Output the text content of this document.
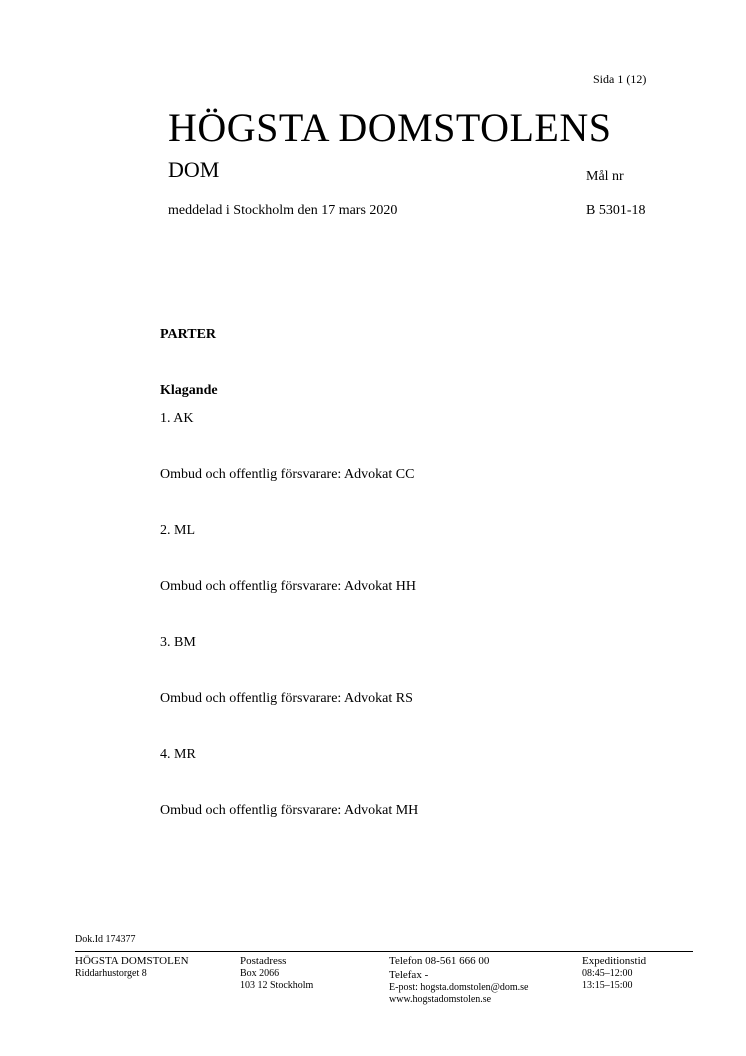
Sida 1 (12)
HÖGSTA DOMSTOLENS
DOM	Mål nr
meddelad i Stockholm den 17 mars 2020	B 5301-18
PARTER
Klagande
1. AK
Ombud och offentlig försvarare: Advokat CC
2. ML
Ombud och offentlig försvarare: Advokat HH
3. BM
Ombud och offentlig försvarare: Advokat RS
4. MR
Ombud och offentlig försvarare: Advokat MH
Dok.Id 174377
HÖGSTA DOMSTOLEN
Riddarhustorget 8
Postadress
Box 2066
103 12 Stockholm
Telefon 08-561 666 00
Telefax -
E-post: hogsta.domstolen@dom.se
www.hogstadomstolen.se
Expeditionstid
08:45–12:00
13:15–15:00
